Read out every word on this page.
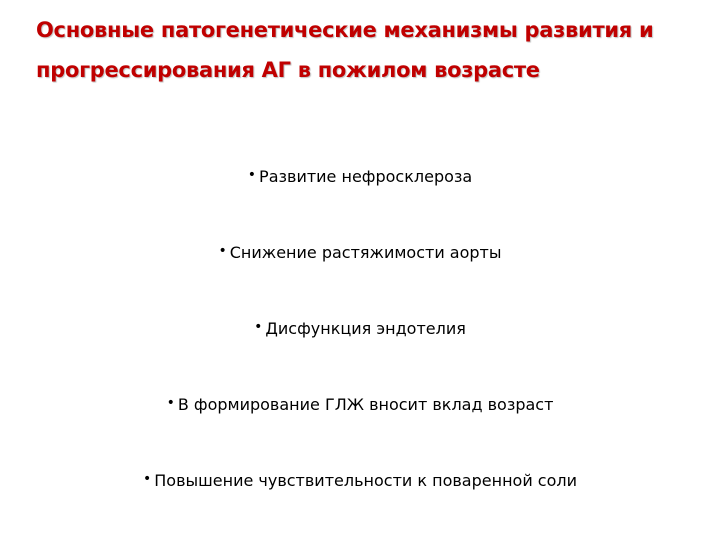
Основные патогенетические механизмы развития и прогрессирования АГ в пожилом возрасте
• Развитие нефросклероза
• Снижение растяжимости аорты
• Дисфункция эндотелия
• В формирование ГЛЖ вносит вклад возраст
• Повышение чувствительности к поваренной соли
